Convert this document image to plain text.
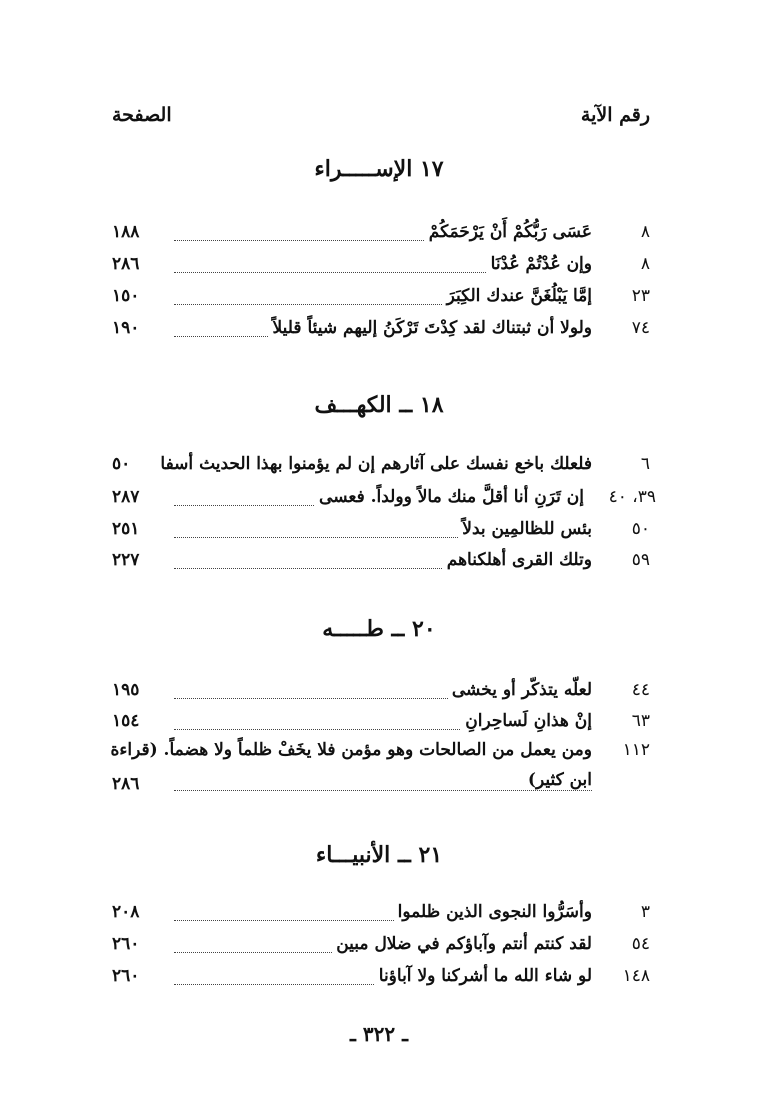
رقم الآية
الصفحة
١٧ الإســـــراء
٨
عَسَى رَبُّكُمْ أَنْ يَرْحَمَكُمْ
١٨٨
٨
وإن عُدْتُمْ عُدْنَا
٢٨٦
٢٣
إمَّا يَبْلُغَنَّ عندك الكِبَرَ
١٥٠
٧٤
ولولا أن ثبتناك لقد كِدْتَ تَرْكَنُ إليهم شيئاً قليلاً
١٩٠
١٨ ــ الكهـــف
٦
فلعلك باخع نفسك على آثارهم إن لم يؤمنوا بهذا الحديث أسفا
٥٠
٣٩، ٤٠
إن تَرَنِ أنا أقلَّ منك مالاً وولداً. فعسى
٢٨٧
٥٠
بئس للظالمِين بدلاً
٢٥١
٥٩
وتلك القرى أهلكناهم
٢٢٧
٢٠ ــ طـــــه
٤٤
لعلّه يتذكّر أو يخشى
١٩٥
٦٣
إنْ هذانِ لَساحِرانِ
١٥٤
١١٢
ومن يعمل من الصالحات وهو مؤمن فلا يخَفْ ظلماً ولا هضماً. (قراءة
ابن كثير)
٢٨٦
٢١ ــ الأنبيـــاء
٣
وأسَرُّوا النجوى الذين ظلموا
٢٠٨
٥٤
لقد كنتم أنتم وآباؤكم في ضلال مبين
٢٦٠
١٤٨
لو شاء الله ما أشركنا ولا آباؤنا
٢٦٠
ـ ٣٢٢ ـ
